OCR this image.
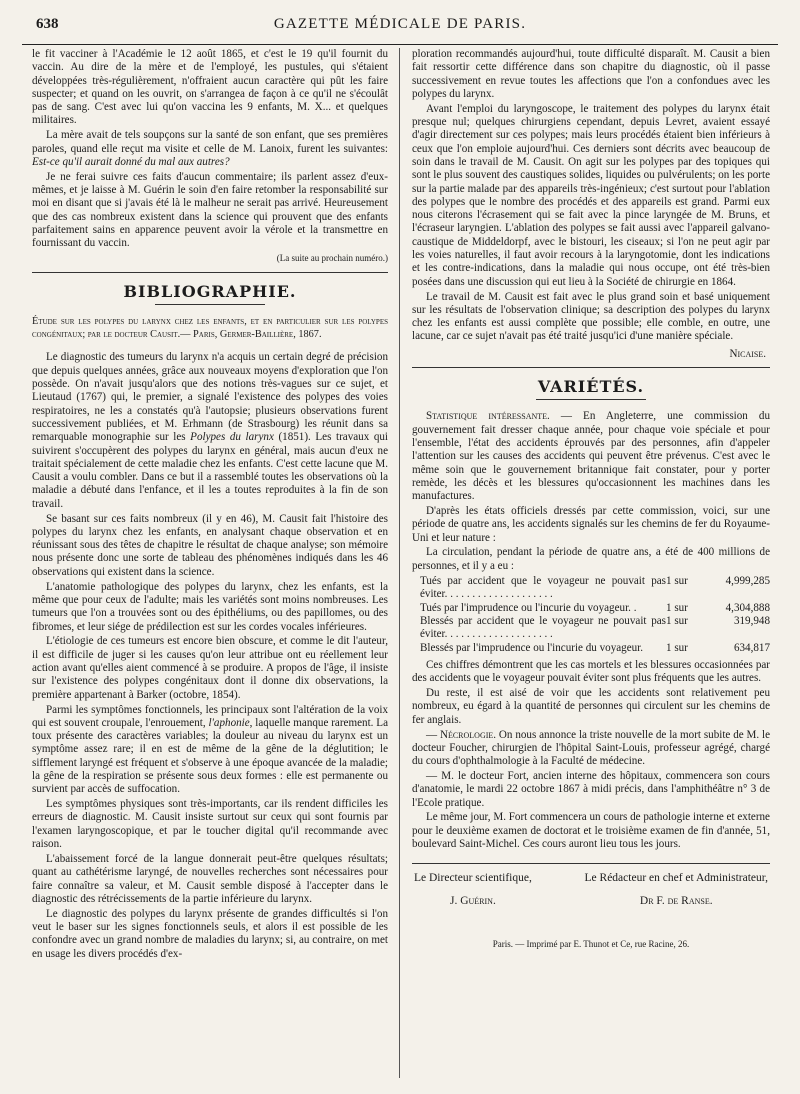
638	GAZETTE MÉDICALE DE PARIS.

le fit vacciner à l'Académie le 12 août 1865, et c'est le 19 qu'il fournit du vaccin. Au dire de la mère et de l'employé, les pustules, qui s'étaient développées très-régulièrement, n'offraient aucun caractère qui pût les faire suspecter; et quand on les ouvrit, on s'arrangea de façon à ce qu'il ne s'écoulât pas de sang. C'est avec lui qu'on vaccina les 9 enfants, M. X... et quelques militaires.

La mère avait de tels soupçons sur la santé de son enfant, que ses premières paroles, quand elle reçut ma visite et celle de M. Lanoix, furent les suivantes: Est-ce qu'il aurait donné du mal aux autres?

Je ne ferai suivre ces faits d'aucun commentaire; ils parlent assez d'eux-mêmes, et je laisse à M. Guérin le soin d'en faire retomber la responsabilité sur moi en disant que si j'avais été là le malheur ne serait pas arrivé. Heureusement que des cas nombreux existent dans la science qui prouvent que des enfants parfaitement sains en apparence peuvent avoir la vérole et la transmettre en fournissant du vaccin.

(La suite au prochain numéro.)
BIBLIOGRAPHIE.

Étude sur les polypes du larynx chez les enfants, et en particulier sur les polypes congénitaux; par le docteur Causit.— Paris, Germer-Baillière, 1867.

Le diagnostic des tumeurs du larynx n'a acquis un certain degré de précision que depuis quelques années, grâce aux nouveaux moyens d'exploration que l'on possède. On n'avait jusqu'alors que des notions très-vagues sur ce sujet, et Lieutaud (1767) qui, le premier, a signalé l'existence des polypes des voies respiratoires, ne les a constatés qu'à l'autopsie; plusieurs observations furent successivement publiées, et M. Erhmann (de Strasbourg) les réunit dans sa remarquable monographie sur les Polypes du larynx (1851). Les travaux qui suivirent s'occupèrent des polypes du larynx en général, mais aucun d'eux ne traitait spécialement de cette maladie chez les enfants. C'est cette lacune que M. Causit a voulu combler. Dans ce but il a rassemblé toutes les observations où la maladie a débuté dans l'enfance, et il les a toutes reproduites à la fin de son travail.

Se basant sur ces faits nombreux (il y en 46), M. Causit fait l'histoire des polypes du larynx chez les enfants, en analysant chaque observation et en réunissant sous des têtes de chapitre le résultat de chaque analyse; son mémoire nous présente donc une sorte de tableau des phénomènes indiqués dans les 46 observations qui existent dans la science.

L'anatomie pathologique des polypes du larynx, chez les enfants, est la même que pour ceux de l'adulte; mais les variétés sont moins nombreuses. Les tumeurs que l'on a trouvées sont ou des épithéliums, ou des papillomes, ou des fibromes, et leur siége de prédilection est sur les cordes vocales inférieures.

L'étiologie de ces tumeurs est encore bien obscure, et comme le dit l'auteur, il est difficile de juger si les causes qu'on leur attribue ont eu réellement leur action avant qu'elles aient commencé à se produire. A propos de l'âge, il insiste sur l'existence des polypes congénitaux dont il donne dix observations, la première appartenant à Barker (octobre, 1854).

Parmi les symptômes fonctionnels, les principaux sont l'altération de la voix qui est souvent croupale, l'enrouement, l'aphonie, laquelle manque rarement. La toux présente des caractères variables; la douleur au niveau du larynx est un symptôme assez rare; il en est de même de la gêne de la déglutition; le sifflement laryngé est fréquent et s'observe à une époque avancée de la maladie; la gêne de la respiration se présente sous deux formes : elle est permanente ou survient par accès de suffocation.

Les symptômes physiques sont très-importants, car ils rendent difficiles les erreurs de diagnostic. M. Causit insiste surtout sur ceux qui sont fournis par l'examen laryngoscopique, et par le toucher digital qu'il recommande avec raison.

L'abaissement forcé de la langue donnerait peut-être quelques résultats; quant au cathétérisme laryngé, de nouvelles recherches sont nécessaires pour faire connaître sa valeur, et M. Causit semble disposé à l'accepter dans le diagnostic des rétrécissements de la partie inférieure du larynx.

Le diagnostic des polypes du larynx présente de grandes difficultés si l'on veut le baser sur les signes fonctionnels seuls, et alors il est possible de les confondre avec un grand nombre de maladies du larynx; si, au contraire, on met en usage les divers procédés d'ex-

ploration recommandés aujourd'hui, toute difficulté disparaît. M. Causit a bien fait ressortir cette différence dans son chapitre du diagnostic, où il passe successivement en revue toutes les affections que l'on a confondues avec les polypes du larynx.

Avant l'emploi du laryngoscope, le traitement des polypes du larynx était presque nul; quelques chirurgiens cependant, depuis Levret, avaient essayé d'agir directement sur ces polypes; mais leurs procédés étaient bien inférieurs à ceux que l'on emploie aujourd'hui. Ces derniers sont décrits avec beaucoup de soin dans le travail de M. Causit. On agit sur les polypes par des topiques qui sont le plus souvent des caustiques solides, liquides ou pulvérulents; on les porte sur la partie malade par des appareils très-ingénieux; c'est surtout pour l'ablation des polypes que le nombre des procédés et des appareils est grand. Parmi eux nous citerons l'écrasement qui se fait avec la pince laryngée de M. Bruns, et l'écraseur laryngien. L'ablation des polypes se fait aussi avec l'appareil galvano-caustique de Middeldorpf, avec le bistouri, les ciseaux; si l'on ne peut agir par les voies naturelles, il faut avoir recours à la laryngotomie, dont les indications et les contre-indications, dans la maladie qui nous occupe, ont été très-bien posées dans une discussion qui eut lieu à la Société de chirurgie en 1864.

Le travail de M. Causit est fait avec le plus grand soin et basé uniquement sur les résultats de l'observation clinique; sa description des polypes du larynx chez les enfants est aussi complète que possible; elle comble, en outre, une lacune, car ce sujet n'avait pas été traité jusqu'ici d'une manière spéciale.

Nicaise.
VARIÉTÉS.

Statistique intéressante. — En Angleterre, une commission du gouvernement fait dresser chaque année, pour chaque voie spéciale et pour l'ensemble, l'état des accidents éprouvés par des personnes, afin d'appeler l'attention sur les causes des accidents qui peuvent être prévenus. C'est avec le même soin que le gouvernement britannique fait constater, pour y porter remède, les décès et les blessures qu'occasionnent les machines dans les manufactures.

D'après les états officiels dressés par cette commission, voici, sur une période de quatre ans, les accidents signalés sur les chemins de fer du Royaume-Uni et leur nature :

La circulation, pendant la période de quatre ans, a été de 400 millions de personnes, et il y a eu :

Tués par accident que le voyageur ne pouvait pas éviter. . . . . . . . . . . . . . . . . . . .
1 sur	4,999,285
Tués par l'imprudence ou l'incurie du voyageur. .	1 sur	4,304,888
Blessés par accident que le voyageur ne pouvait pas éviter. . . . . . . . . . . . . . . . . . . .
1 sur	319,948
Blessés par l'imprudence ou l'incurie du voyageur.	1 sur	634,817

Ces chiffres démontrent que les cas mortels et les blessures occasionnées par des accidents que le voyageur pouvait éviter sont plus fréquents que les autres.

Du reste, il est aisé de voir que les accidents sont relativement peu nombreux, eu égard à la quantité de personnes qui circulent sur les chemins de fer anglais.

— Nécrologie. On nous annonce la triste nouvelle de la mort subite de M. le docteur Foucher, chirurgien de l'hôpital Saint-Louis, professeur agrégé, chargé du cours d'ophthalmologie à la Faculté de médecine.

— M. le docteur Fort, ancien interne des hôpitaux, commencera son cours d'anatomie, le mardi 22 octobre 1867 à midi précis, dans l'amphithéâtre n° 3 de l'Ecole pratique.

Le même jour, M. Fort commencera un cours de pathologie interne et externe pour le deuxième examen de doctorat et le troisième examen de fin d'année, 51, boulevard Saint-Michel. Ces cours auront lieu tous les jours.

Le Directeur scientifique,
J. Guérin.
Le Rédacteur en chef et Administrateur,
Dr F. de Ranse.
Paris. — Imprimé par E. Thunot et Ce, rue Racine, 26.
